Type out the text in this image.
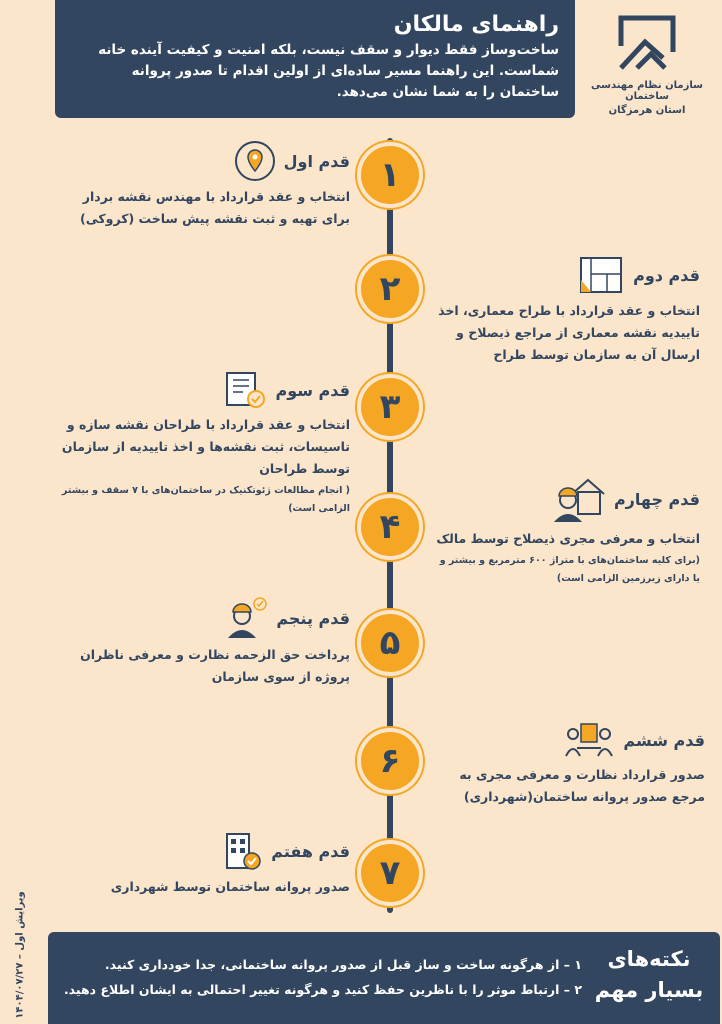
راهنمای مالکان

ساخت‌وساز فقط دیوار و سقف نیست، بلکه امنیت و کیفیت آینده خانه شماست. این راهنما مسیر ساده‌ای از اولین اقدام تا صدور پروانه ساختمان را به شما نشان می‌دهد.	سازمان نظام مهندسی ساختمان
استان هرمزگان
۱
۲
۳
۴
۵
۶
۷
قدم اول
انتخاب و عقد قرارداد با مهندس نقشه بردار برای تهیه و ثبت نقشه پیش ساخت (کروکی)
قدم دوم
انتخاب و عقد قرارداد با طراح معماری، اخذ تاییدیه نقشه معماری از مراجع ذیصلاح و ارسال آن به سازمان توسط طراح
قدم سوم
انتخاب و عقد قرارداد با طراحان نقشه سازه و تاسیسات، ثبت نقشه‌ها و اخذ تاییدیه از سازمان توسط طراحان
( انجام مطالعات ژئوتکنیک در ساختمان‌های با ۷ سقف و بیشتر الزامی است)	قدم چهارم
انتخاب و معرفی مجری ذیصلاح توسط مالک
(برای کلیه ساختمان‌های با متراژ ۶۰۰ مترمربع و بیشتر و یا دارای زیرزمین الزامی است)
قدم پنجم
پرداخت حق الزحمه نظارت و معرفی ناظران پروژه از سوی سازمان
قدم ششم
صدور قرارداد نظارت و معرفی مجری به مرجع صدور پروانه ساختمان(شهرداری)
قدم هفتم
صدور پروانه ساختمان توسط شهرداری
ویرایش اول – ۱۴۰۴/۰۷/۲۷	نکته‌های
بسیار مهم
۱ – از هرگونه ساخت و ساز قبل از صدور پروانه ساختمانی، جدا خودداری کنید.
۲ – ارتباط موثر را با ناظرین حفظ کنید و هرگونه تغییر احتمالی به ایشان اطلاع دهید.
